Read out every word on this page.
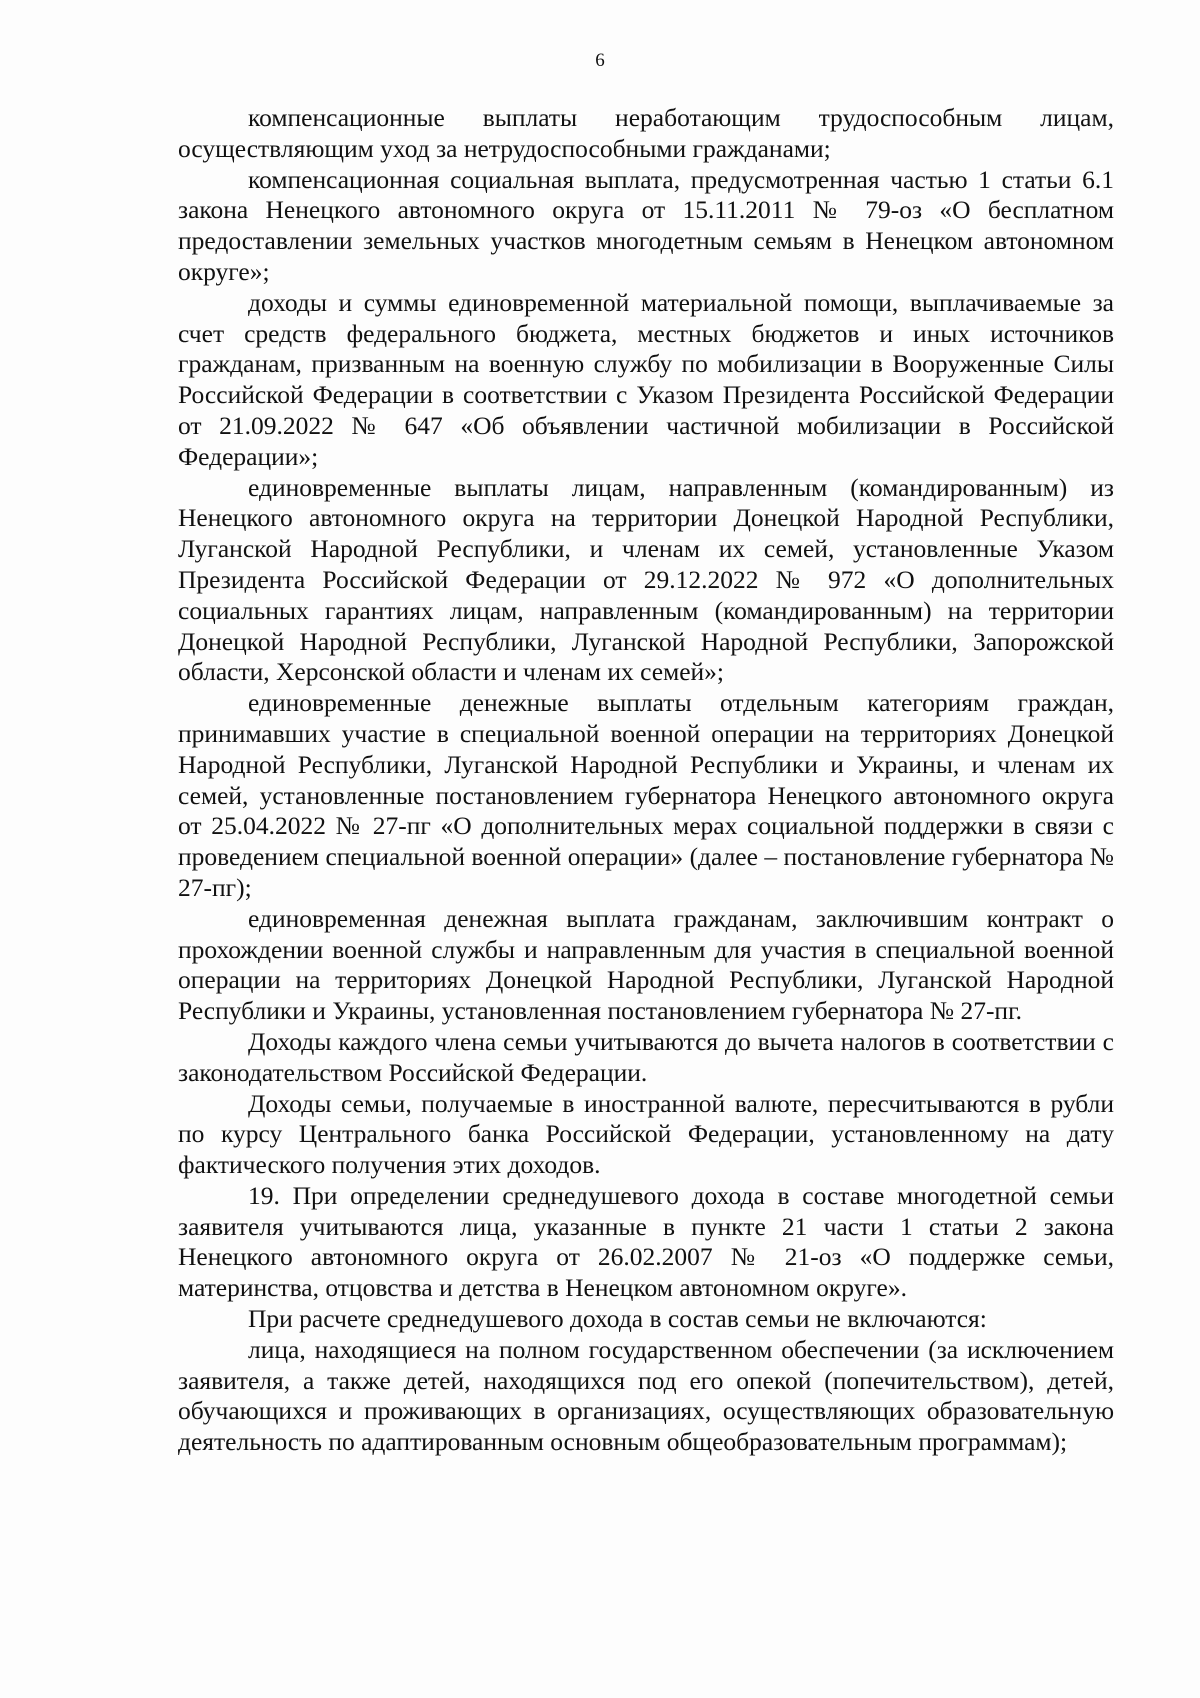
6

компенсационные выплаты неработающим трудоспособным лицам, осуществляющим уход за нетрудоспособными гражданами;

компенсационная социальная выплата, предусмотренная частью 1 статьи 6.1 закона Ненецкого автономного округа от 15.11.2011 № 79-оз «О бесплатном предоставлении земельных участков многодетным семьям в Ненецком автономном округе»;

доходы и суммы единовременной материальной помощи, выплачиваемые за счет средств федерального бюджета, местных бюджетов и иных источников гражданам, призванным на военную службу по мобилизации в Вооруженные Силы Российской Федерации в соответствии с Указом Президента Российской Федерации от 21.09.2022 № 647 «Об объявлении частичной мобилизации в Российской Федерации»;

единовременные выплаты лицам, направленным (командированным) из Ненецкого автономного округа на территории Донецкой Народной Республики, Луганской Народной Республики, и членам их семей, установленные Указом Президента Российской Федерации от 29.12.2022 № 972 «О дополнительных социальных гарантиях лицам, направленным (командированным) на территории Донецкой Народной Республики, Луганской Народной Республики, Запорожской области, Херсонской области и членам их семей»;

единовременные денежные выплаты отдельным категориям граждан, принимавших участие в специальной военной операции на территориях Донецкой Народной Республики, Луганской Народной Республики и Украины, и членам их семей, установленные постановлением губернатора Ненецкого автономного округа от 25.04.2022 № 27-пг «О дополнительных мерах социальной поддержки в связи с проведением специальной военной операции» (далее – постановление губернатора № 27-пг);

единовременная денежная выплата гражданам, заключившим контракт о прохождении военной службы и направленным для участия в специальной военной операции на территориях Донецкой Народной Республики, Луганской Народной Республики и Украины, установленная постановлением губернатора № 27-пг.

Доходы каждого члена семьи учитываются до вычета налогов в соответствии с законодательством Российской Федерации.

Доходы семьи, получаемые в иностранной валюте, пересчитываются в рубли по курсу Центрального банка Российской Федерации, установленному на дату фактического получения этих доходов.

19. При определении среднедушевого дохода в составе многодетной семьи заявителя учитываются лица, указанные в пункте 21 части 1 статьи 2 закона Ненецкого автономного округа от 26.02.2007 № 21-оз «О поддержке семьи, материнства, отцовства и детства в Ненецком автономном округе».

При расчете среднедушевого дохода в состав семьи не включаются:

лица, находящиеся на полном государственном обеспечении (за исключением заявителя, а также детей, находящихся под его опекой (попечительством), детей, обучающихся и проживающих в организациях, осуществляющих образовательную деятельность по адаптированным основным общеобразовательным программам);
